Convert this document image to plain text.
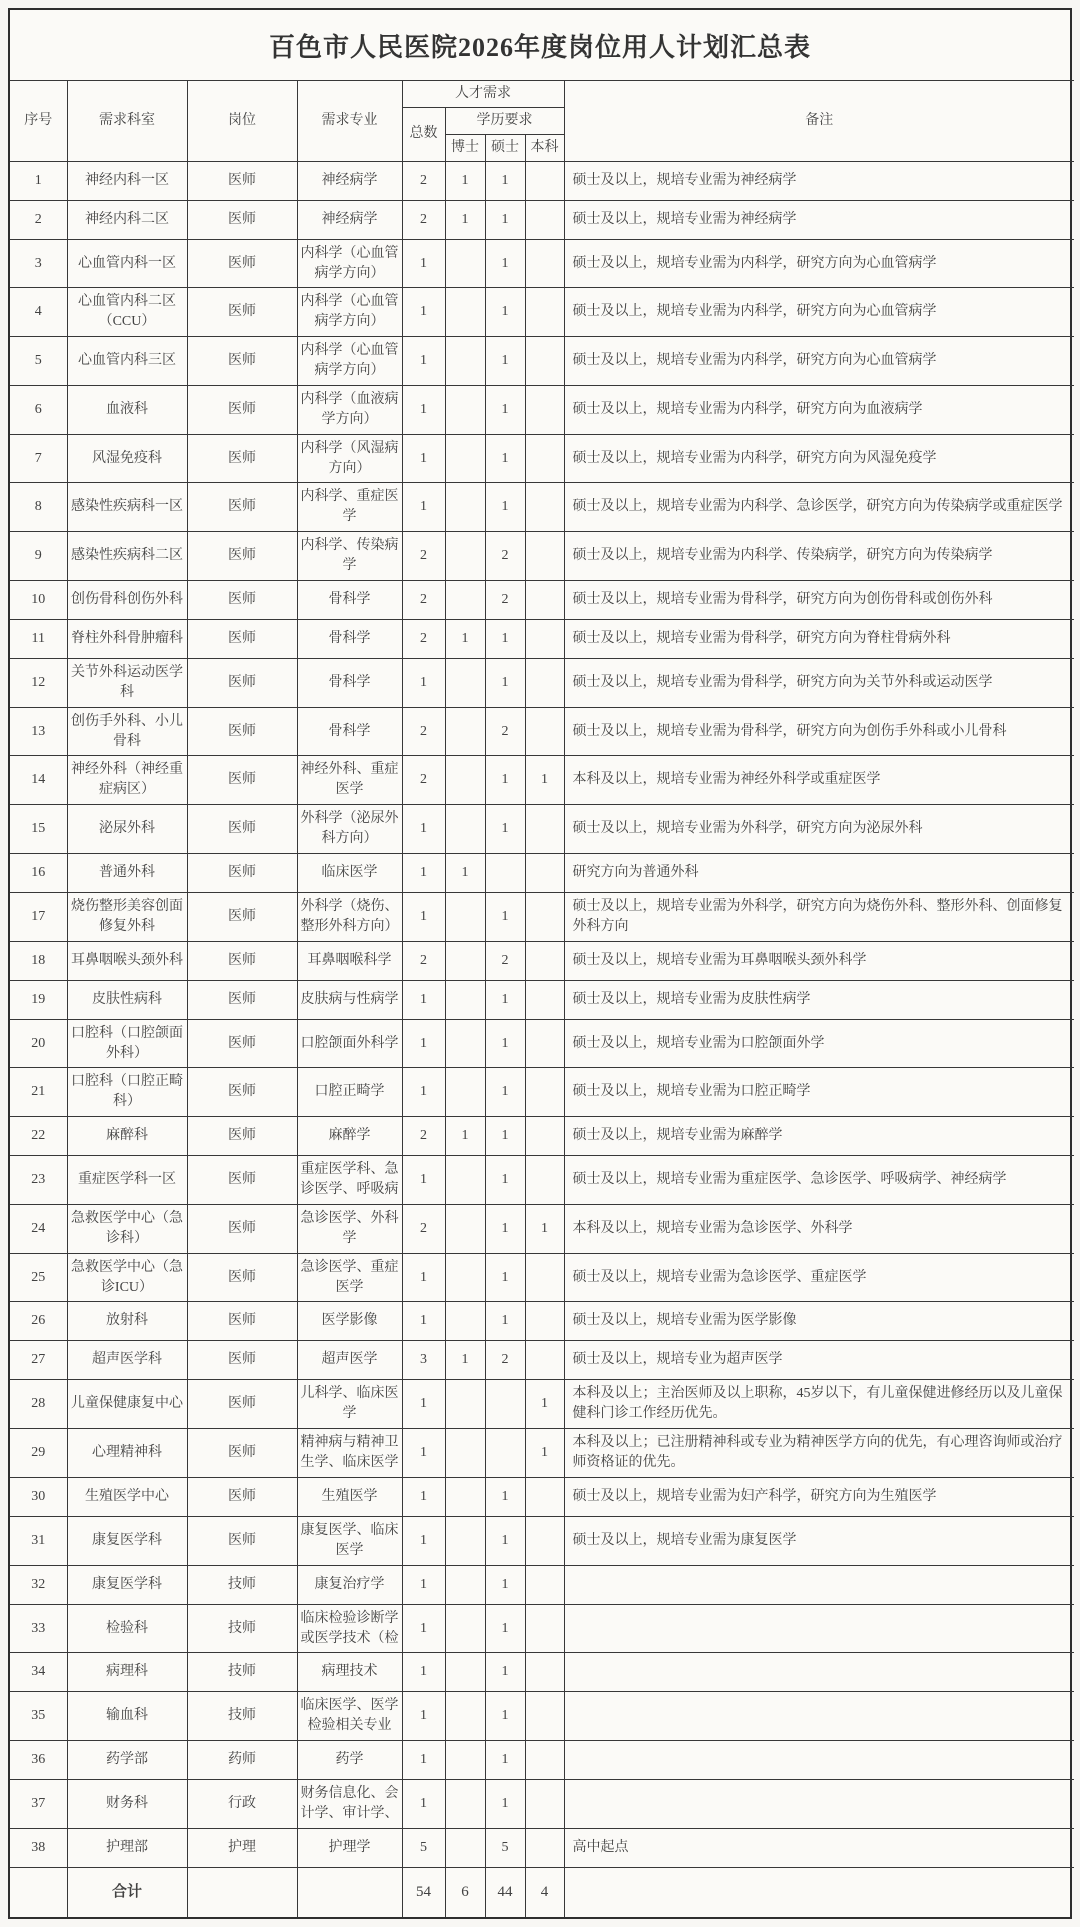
百色市人民医院2026年度岗位用人计划汇总表
序号	需求科室	岗位	需求专业	人才需求				备注
				总数	学历要求			
					博士	硕士	本科	
1	神经内科一区	医师	神经病学	2	1	1		硕士及以上，规培专业需为神经病学
2	神经内科二区	医师	神经病学	2	1	1		硕士及以上，规培专业需为神经病学
3	心血管内科一区	医师	内科学（心血管病学方向）	1		1		硕士及以上，规培专业需为内科学，研究方向为心血管病学
4	心血管内科二区（CCU）	医师	内科学（心血管病学方向）	1		1		硕士及以上，规培专业需为内科学，研究方向为心血管病学
5	心血管内科三区	医师	内科学（心血管病学方向）	1		1		硕士及以上，规培专业需为内科学，研究方向为心血管病学
6	血液科	医师	内科学（血液病学方向）	1		1		硕士及以上，规培专业需为内科学，研究方向为血液病学
7	风湿免疫科	医师	内科学（风湿病方向）	1		1		硕士及以上，规培专业需为内科学，研究方向为风湿免疫学
8	感染性疾病科一区	医师	内科学、重症医学	1		1		硕士及以上，规培专业需为内科学、急诊医学，研究方向为传染病学或重症医学
9	感染性疾病科二区	医师	内科学、传染病学	2		2		硕士及以上，规培专业需为内科学、传染病学，研究方向为传染病学
10	创伤骨科创伤外科	医师	骨科学	2		2		硕士及以上，规培专业需为骨科学，研究方向为创伤骨科或创伤外科
11	脊柱外科骨肿瘤科	医师	骨科学	2	1	1		硕士及以上，规培专业需为骨科学，研究方向为脊柱骨病外科
12	关节外科运动医学科	医师	骨科学	1		1		硕士及以上，规培专业需为骨科学，研究方向为关节外科或运动医学
13	创伤手外科、小儿骨科	医师	骨科学	2		2		硕士及以上，规培专业需为骨科学，研究方向为创伤手外科或小儿骨科
14	神经外科（神经重症病区）	医师	神经外科、重症医学	2		1	1	本科及以上，规培专业需为神经外科学或重症医学
15	泌尿外科	医师	外科学（泌尿外科方向）	1		1		硕士及以上，规培专业需为外科学，研究方向为泌尿外科
16	普通外科	医师	临床医学	1	1			研究方向为普通外科
17	烧伤整形美容创面修复外科	医师	外科学（烧伤、整形外科方向）	1		1		硕士及以上，规培专业需为外科学，研究方向为烧伤外科、整形外科、创面修复外科方向
18	耳鼻咽喉头颈外科	医师	耳鼻咽喉科学	2		2		硕士及以上，规培专业需为耳鼻咽喉头颈外科学
19	皮肤性病科	医师	皮肤病与性病学	1		1		硕士及以上，规培专业需为皮肤性病学
20	口腔科（口腔颌面外科）	医师	口腔颌面外科学	1		1		硕士及以上，规培专业需为口腔颌面外学
21	口腔科（口腔正畸科）	医师	口腔正畸学	1		1		硕士及以上，规培专业需为口腔正畸学
22	麻醉科	医师	麻醉学	2	1	1		硕士及以上，规培专业需为麻醉学
23	重症医学科一区	医师	重症医学科、急诊医学、呼吸病	1		1		硕士及以上，规培专业需为重症医学、急诊医学、呼吸病学、神经病学
24	急救医学中心（急诊科）	医师	急诊医学、外科学	2		1	1	本科及以上，规培专业需为急诊医学、外科学
25	急救医学中心（急诊ICU）	医师	急诊医学、重症医学	1		1		硕士及以上，规培专业需为急诊医学、重症医学
26	放射科	医师	医学影像	1		1		硕士及以上，规培专业需为医学影像
27	超声医学科	医师	超声医学	3	1	2		硕士及以上，规培专业为超声医学
28	儿童保健康复中心	医师	儿科学、临床医学	1			1	本科及以上；主治医师及以上职称，45岁以下，有儿童保健进修经历以及儿童保健科门诊工作经历优先。
29	心理精神科	医师	精神病与精神卫生学、临床医学	1			1	本科及以上；已注册精神科或专业为精神医学方向的优先，有心理咨询师或治疗师资格证的优先。
30	生殖医学中心	医师	生殖医学	1		1		硕士及以上，规培专业需为妇产科学，研究方向为生殖医学
31	康复医学科	医师	康复医学、临床医学	1		1		硕士及以上，规培专业需为康复医学
32	康复医学科	技师	康复治疗学	1		1		
33	检验科	技师	临床检验诊断学或医学技术（检	1		1		
34	病理科	技师	病理技术	1		1		
35	输血科	技师	临床医学、医学检验相关专业	1		1		
36	药学部	药师	药学	1		1		
37	财务科	行政	财务信息化、会计学、审计学、	1		1		
38	护理部	护理	护理学	5		5		高中起点
	合计			54	6	44	4	
